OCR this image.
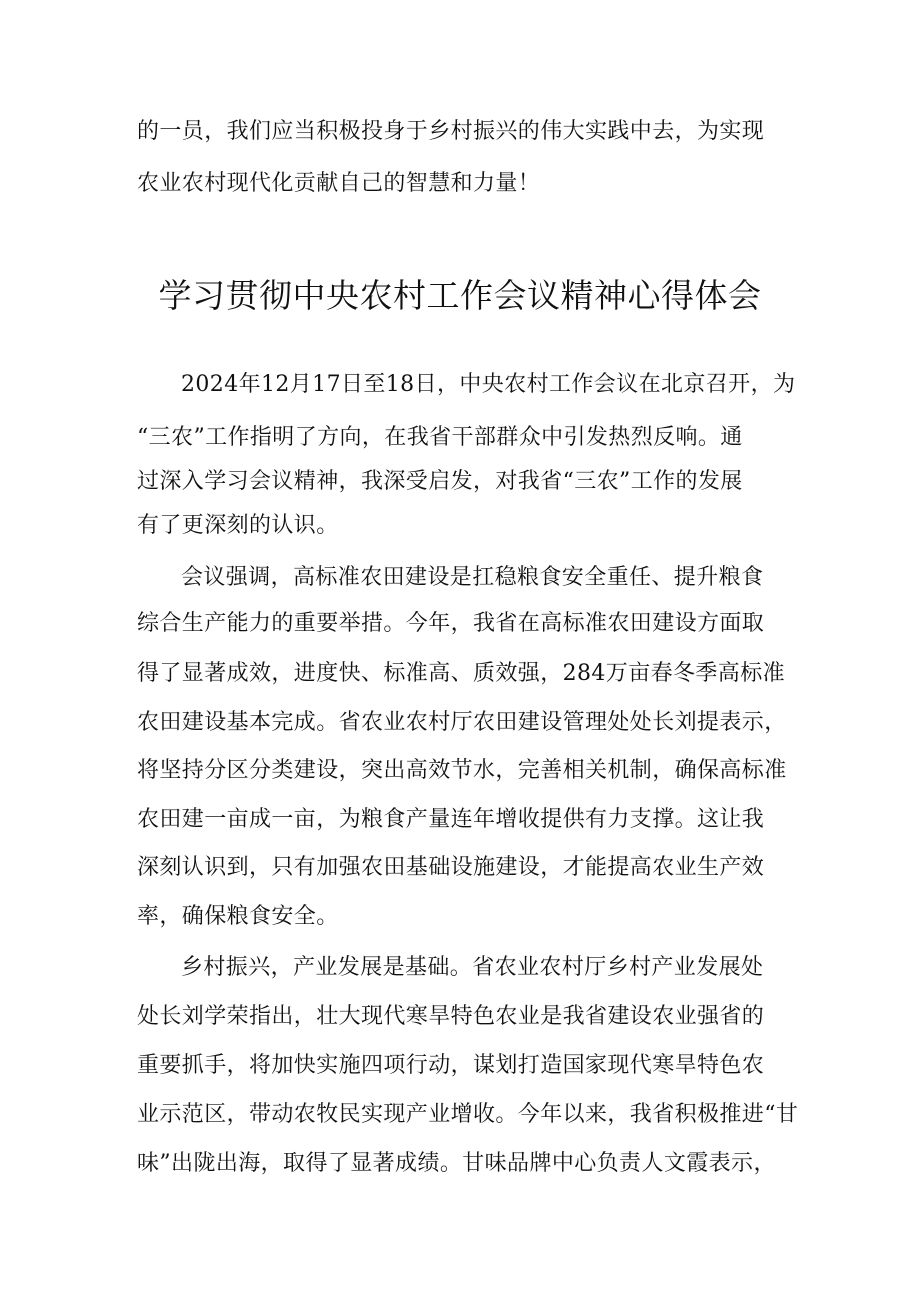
的一员，我们应当积极投身于乡村振兴的伟大实践中去，为实现
农业农村现代化贡献自己的智慧和力量！
学习贯彻中央农村工作会议精神心得体会
2024年12月17日至18日，中央农村工作会议在北京召开，为
“三农”工作指明了方向，在我省干部群众中引发热烈反响。通
过深入学习会议精神，我深受启发，对我省“三农”工作的发展
有了更深刻的认识。
会议强调，高标准农田建设是扛稳粮食安全重任、提升粮食
综合生产能力的重要举措。今年，我省在高标准农田建设方面取
得了显著成效，进度快、标准高、质效强，284万亩春冬季高标准
农田建设基本完成。省农业农村厅农田建设管理处处长刘提表示，
将坚持分区分类建设，突出高效节水，完善相关机制，确保高标准
农田建一亩成一亩，为粮食产量连年增收提供有力支撑。这让我
深刻认识到，只有加强农田基础设施建设，才能提高农业生产效
率，确保粮食安全。
乡村振兴，产业发展是基础。省农业农村厅乡村产业发展处
处长刘学荣指出，壮大现代寒旱特色农业是我省建设农业强省的
重要抓手，将加快实施四项行动，谋划打造国家现代寒旱特色农
业示范区，带动农牧民实现产业增收。今年以来，我省积极推进“甘
味”出陇出海，取得了显著成绩。甘味品牌中心负责人文霞表示，
